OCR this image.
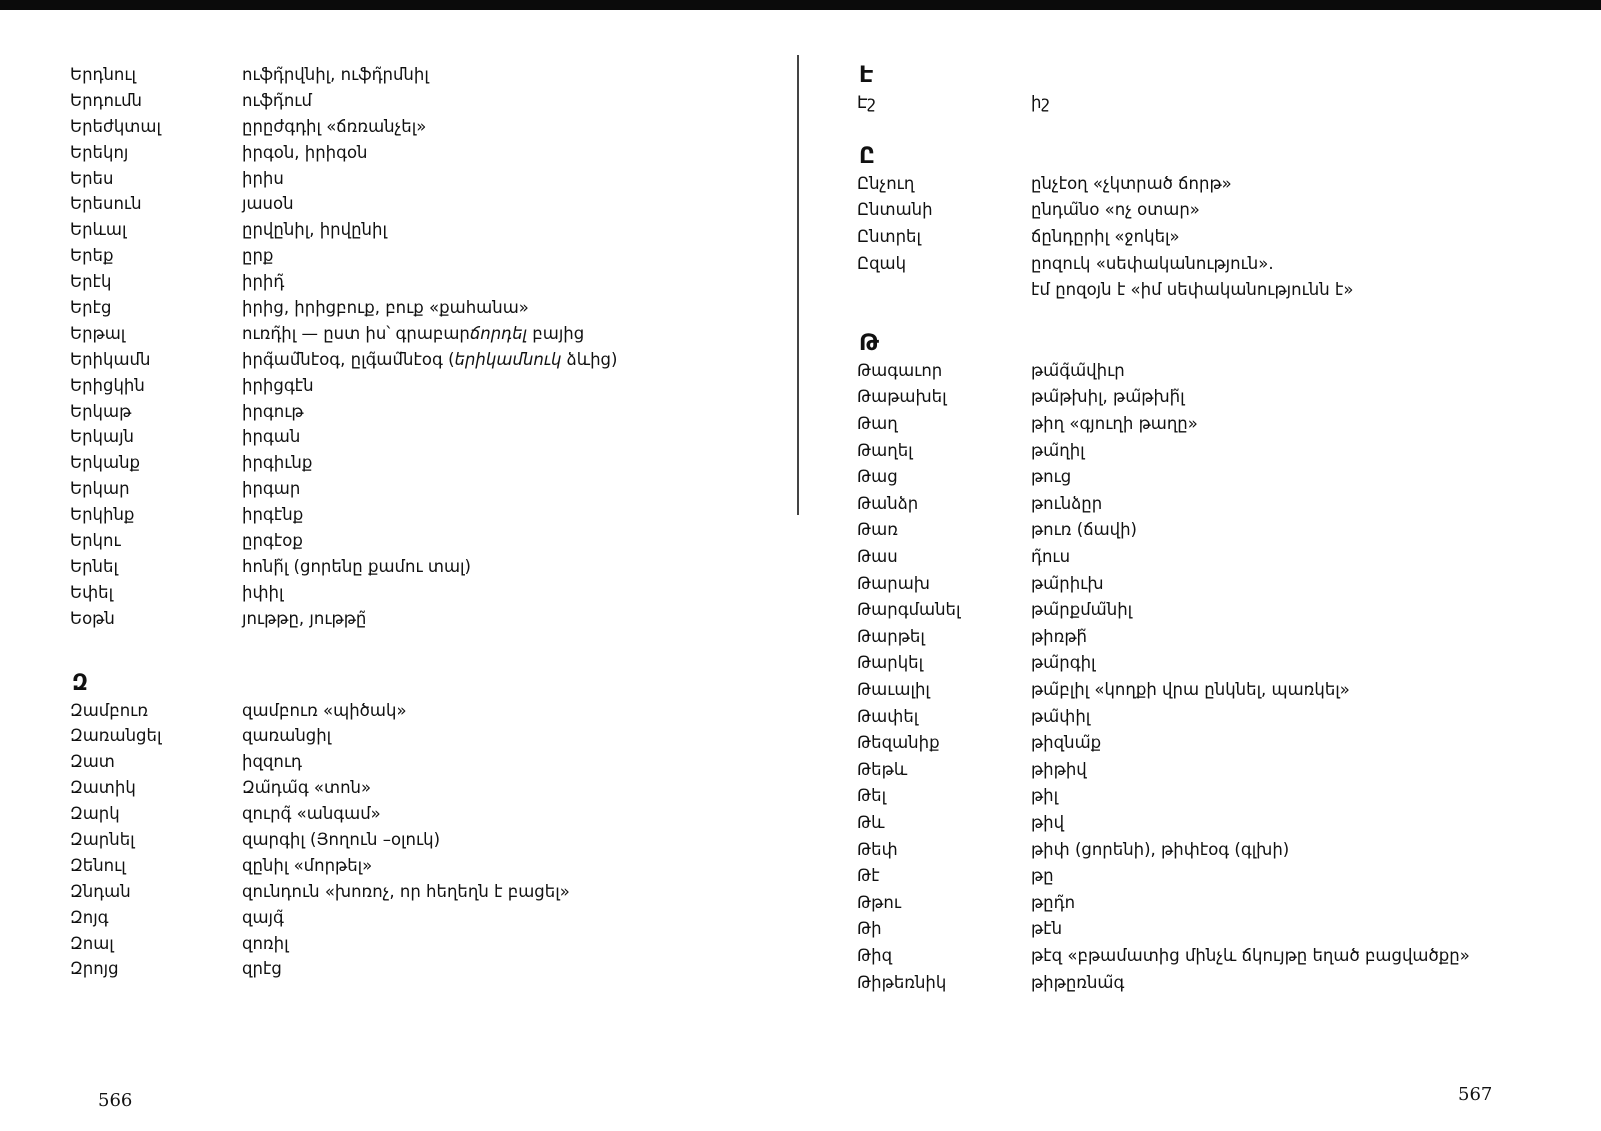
Երդնուլ	ուֆդ̃րվնիլ, ուֆդ̃րմնիլ
Երդումն	ուֆդ̃ում
Երեժկտալ	ըրըժգդիլ «ճռռանչել»
Երեկոյ	իրգօն, իրիգօն
Երես	իրիս
Երեսուն	յասօն
Երևալ	ըրվընիլ, իրվընիլ
Երեք	ըրք
Երէկ	իրիդ̃
Երէց	իրից, իրիցբուք, բուք «քահանա»
Երթալ	ուռդ̃իլ — ըստ իս՝ գրաբարճորդել բայից
Երիկամն	իրգ̃ամ̃նէօգ, ըլգ̃ամ̃նէօգ (երիկամնուկ ձևից)
Երիցկին	իրիցգէն
Երկաթ	իրգութ
Երկայն	իրգան
Երկանք	իրգիւնք
Երկար	իրգար
Երկինք	իրգէնք
Երկու	ըրգէօք
Երնել	հոնի̃լ (ցորենը քամու տալ)
Եփել	իփիլ
Եօթն	յութթը, յութթը̃
Զ
Զամբուռ	զամբուռ «պիծակ»
Զառանցել	զառանցիլ
Զատ	իզզուդ
Զատիկ	Զա̃դա̃գ «տոն»
Զարկ	զուրգ̃ «անգամ»
Զարնել	զարգիլ (Յողուն –օլուկ)
Զենուլ	զընիլ «մորթել»
Զնդան	զունդուն «խոռոչ, որ հեղեղն է բացել»
Զոյգ	զայգ̃
Զոալ	զոռիլ
Զրոյց	զրէց
Է
Էշ	իշ
Ը
Ընչուղ	ընչէօղ «չկտրած ճորթ»
Ընտանի	ընդա̃նօ «ոչ օտար»
Ընտրել	ճընդըրիլ «ջոկել»
Ըզակ	ըոզուկ «սեփականություն».
էմ ըոզօյն է «իմ սեփականությունն է»
Թ
Թագաւոր	թա̃գ̃ա̃վիւր
Թաթախել	թա̃թխիլ, թա̃թխի̃լ
Թաղ	թիղ «գյուղի թաղը»
Թաղել	թա̃ղիլ
Թաց	թուց
Թանձր	թունձըր
Թառ	թուռ (ճավի)
Թաս	դ̃ուս
Թարախ	թա̃րիւխ
Թարգմանել	թա̃րքմա̃նիլ
Թարթել	թիռթի̃
Թարկել	թա̃րգիլ
Թաւալիլ	թա̃բլիլ «կողքի վրա ընկնել, պառկել»
Թափել	թա̃փիլ
Թեզանիք	թիզնա̃ք
Թեթև	թիթիվ
Թել	թիլ
Թև	թիվ
Թեփ	թիփ (ցորենի), թիփէօգ (գլխի)
Թէ	թը
Թթու	թըդ̃ո
Թի	թէն
Թիզ	թէզ «բթամատից մինչև ճկույթը եղած բացվածքը»
Թիթեռնիկ	թիթըռնա̃գ
566	567
